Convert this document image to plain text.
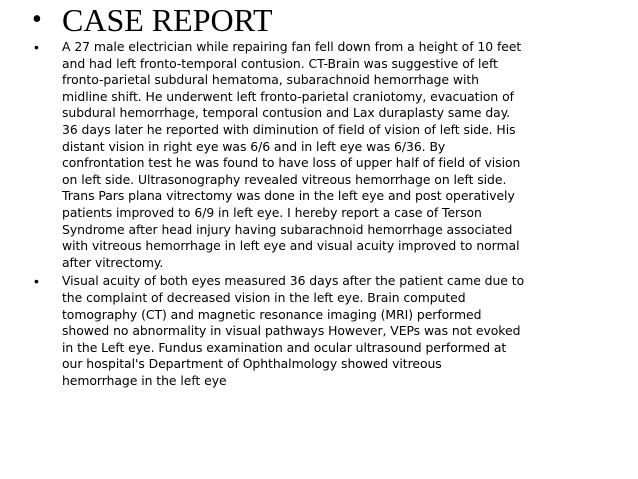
• CASE REPORT
•	A 27 male electrician while repairing fan fell down from a height of 10 feet
and had left fronto-temporal contusion. CT-Brain was suggestive of left
fronto-parietal subdural hematoma, subarachnoid hemorrhage with
midline shift. He underwent left fronto-parietal craniotomy, evacuation of
subdural hemorrhage, temporal contusion and Lax duraplasty same day.
36 days later he reported with diminution of field of vision of left side. His
distant vision in right eye was 6/6 and in left eye was 6/36. By
confrontation test he was found to have loss of upper half of field of vision
on left side. Ultrasonography revealed vitreous hemorrhage on left side.
Trans Pars plana vitrectomy was done in the left eye and post operatively
patients improved to 6/9 in left eye. I hereby report a case of Terson
Syndrome after head injury having subarachnoid hemorrhage associated
with vitreous hemorrhage in left eye and visual acuity improved to normal
after vitrectomy.
•	Visual acuity of both eyes measured 36 days after the patient came due to
the complaint of decreased vision in the left eye. Brain computed
tomography (CT) and magnetic resonance imaging (MRI) performed
showed no abnormality in visual pathways However, VEPs was not evoked
in the Left eye. Fundus examination and ocular ultrasound performed at
our hospital's Department of Ophthalmology showed vitreous
hemorrhage in the left eye
